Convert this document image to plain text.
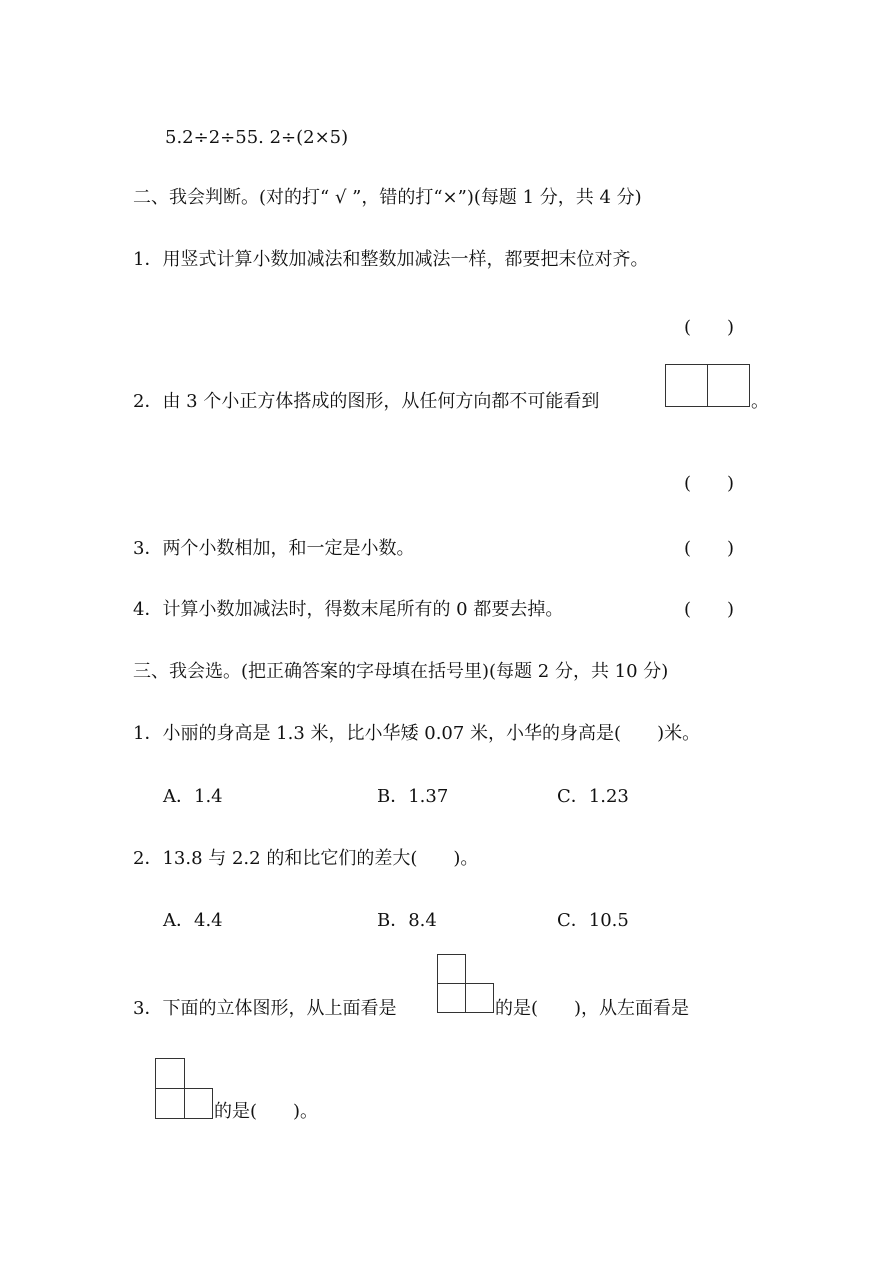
5.2÷2÷55. 2÷(2×5)
二、我会判断。(对的打“ √ ”，错的打“×”)(每题 1 分，共 4 分)
1．用竖式计算小数加减法和整数加减法一样，都要把末位对齐。
(　　)
2．由 3 个小正方体搭成的图形，从任何方向都不可能看到	。
(　　)
3．两个小数相加，和一定是小数。	(　　)
4．计算小数加减法时，得数末尾所有的 0 都要去掉。	(　　)
三、我会选。(把正确答案的字母填在括号里)(每题 2 分，共 10 分)
1．小丽的身高是 1.3 米，比小华矮 0.07 米，小华的身高是(　　)米。
A．1.4	B．1.37	C．1.23
2．13.8 与 2.2 的和比它们的差大(　　)。
A．4.4	B．8.4	C．10.5
3．下面的立体图形，从上面看是	的是(　　)，从左面看是
的是(　　)。
